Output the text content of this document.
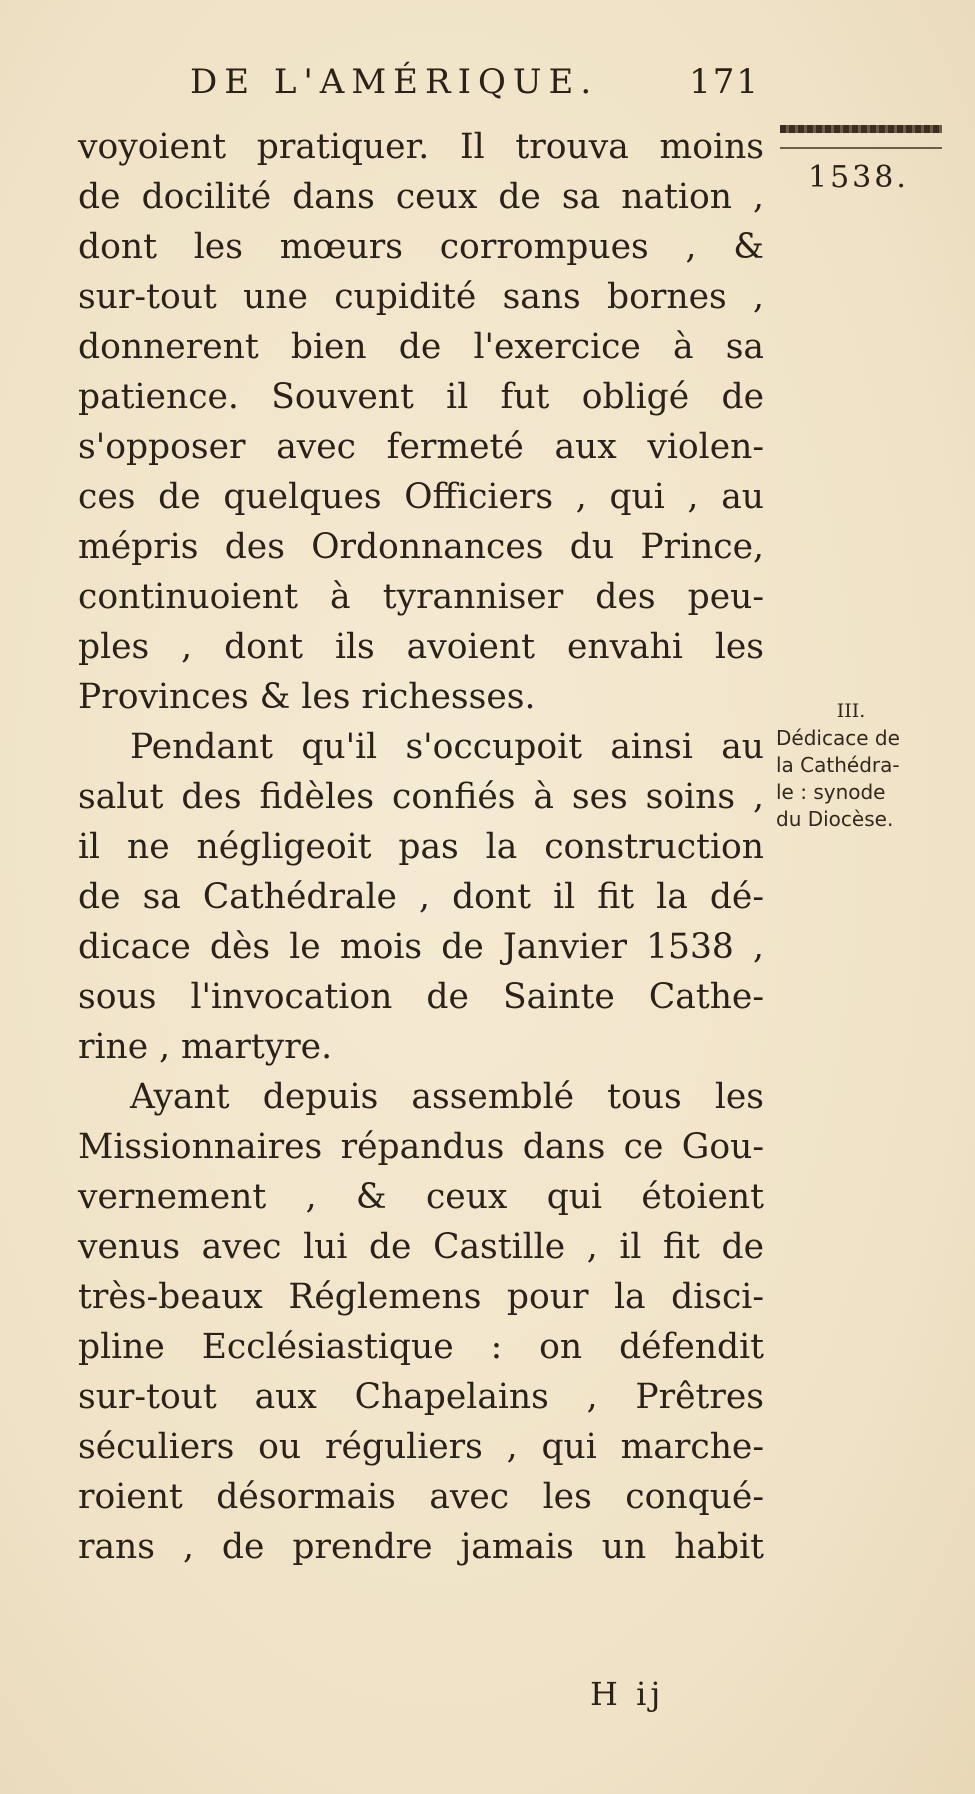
DE L'AMÉRIQUE.	171
1538.
voyoient pratiquer. Il trouva moins
de docilité dans ceux de sa nation ,
dont les mœurs corrompues , &
sur-tout une cupidité sans bornes ,
donnerent bien de l'exercice à sa
patience. Souvent il fut obligé de
s'opposer avec fermeté aux violen-
ces de quelques Officiers , qui , au
mépris des Ordonnances du Prince,
continuoient à tyranniser des peu-
ples , dont ils avoient envahi les
Provinces & les richesses.
Pendant qu'il s'occupoit ainsi au
salut des fidèles confiés à ses soins ,
il ne négligeoit pas la construction
de sa Cathédrale , dont il fit la dé-
dicace dès le mois de Janvier 1538 ,
sous l'invocation de Sainte Cathe-
rine , martyre.
Ayant depuis assemblé tous les
Missionnaires répandus dans ce Gou-
vernement , & ceux qui étoient
venus avec lui de Castille , il fit de
très-beaux Réglemens pour la disci-
pline Ecclésiastique : on défendit
sur-tout aux Chapelains , Prêtres
séculiers ou réguliers , qui marche-
roient désormais avec les conqué-
rans , de prendre jamais un habit
III.
Dédicace de
la Cathédra-
le : synode
du Diocèse.
H ij
